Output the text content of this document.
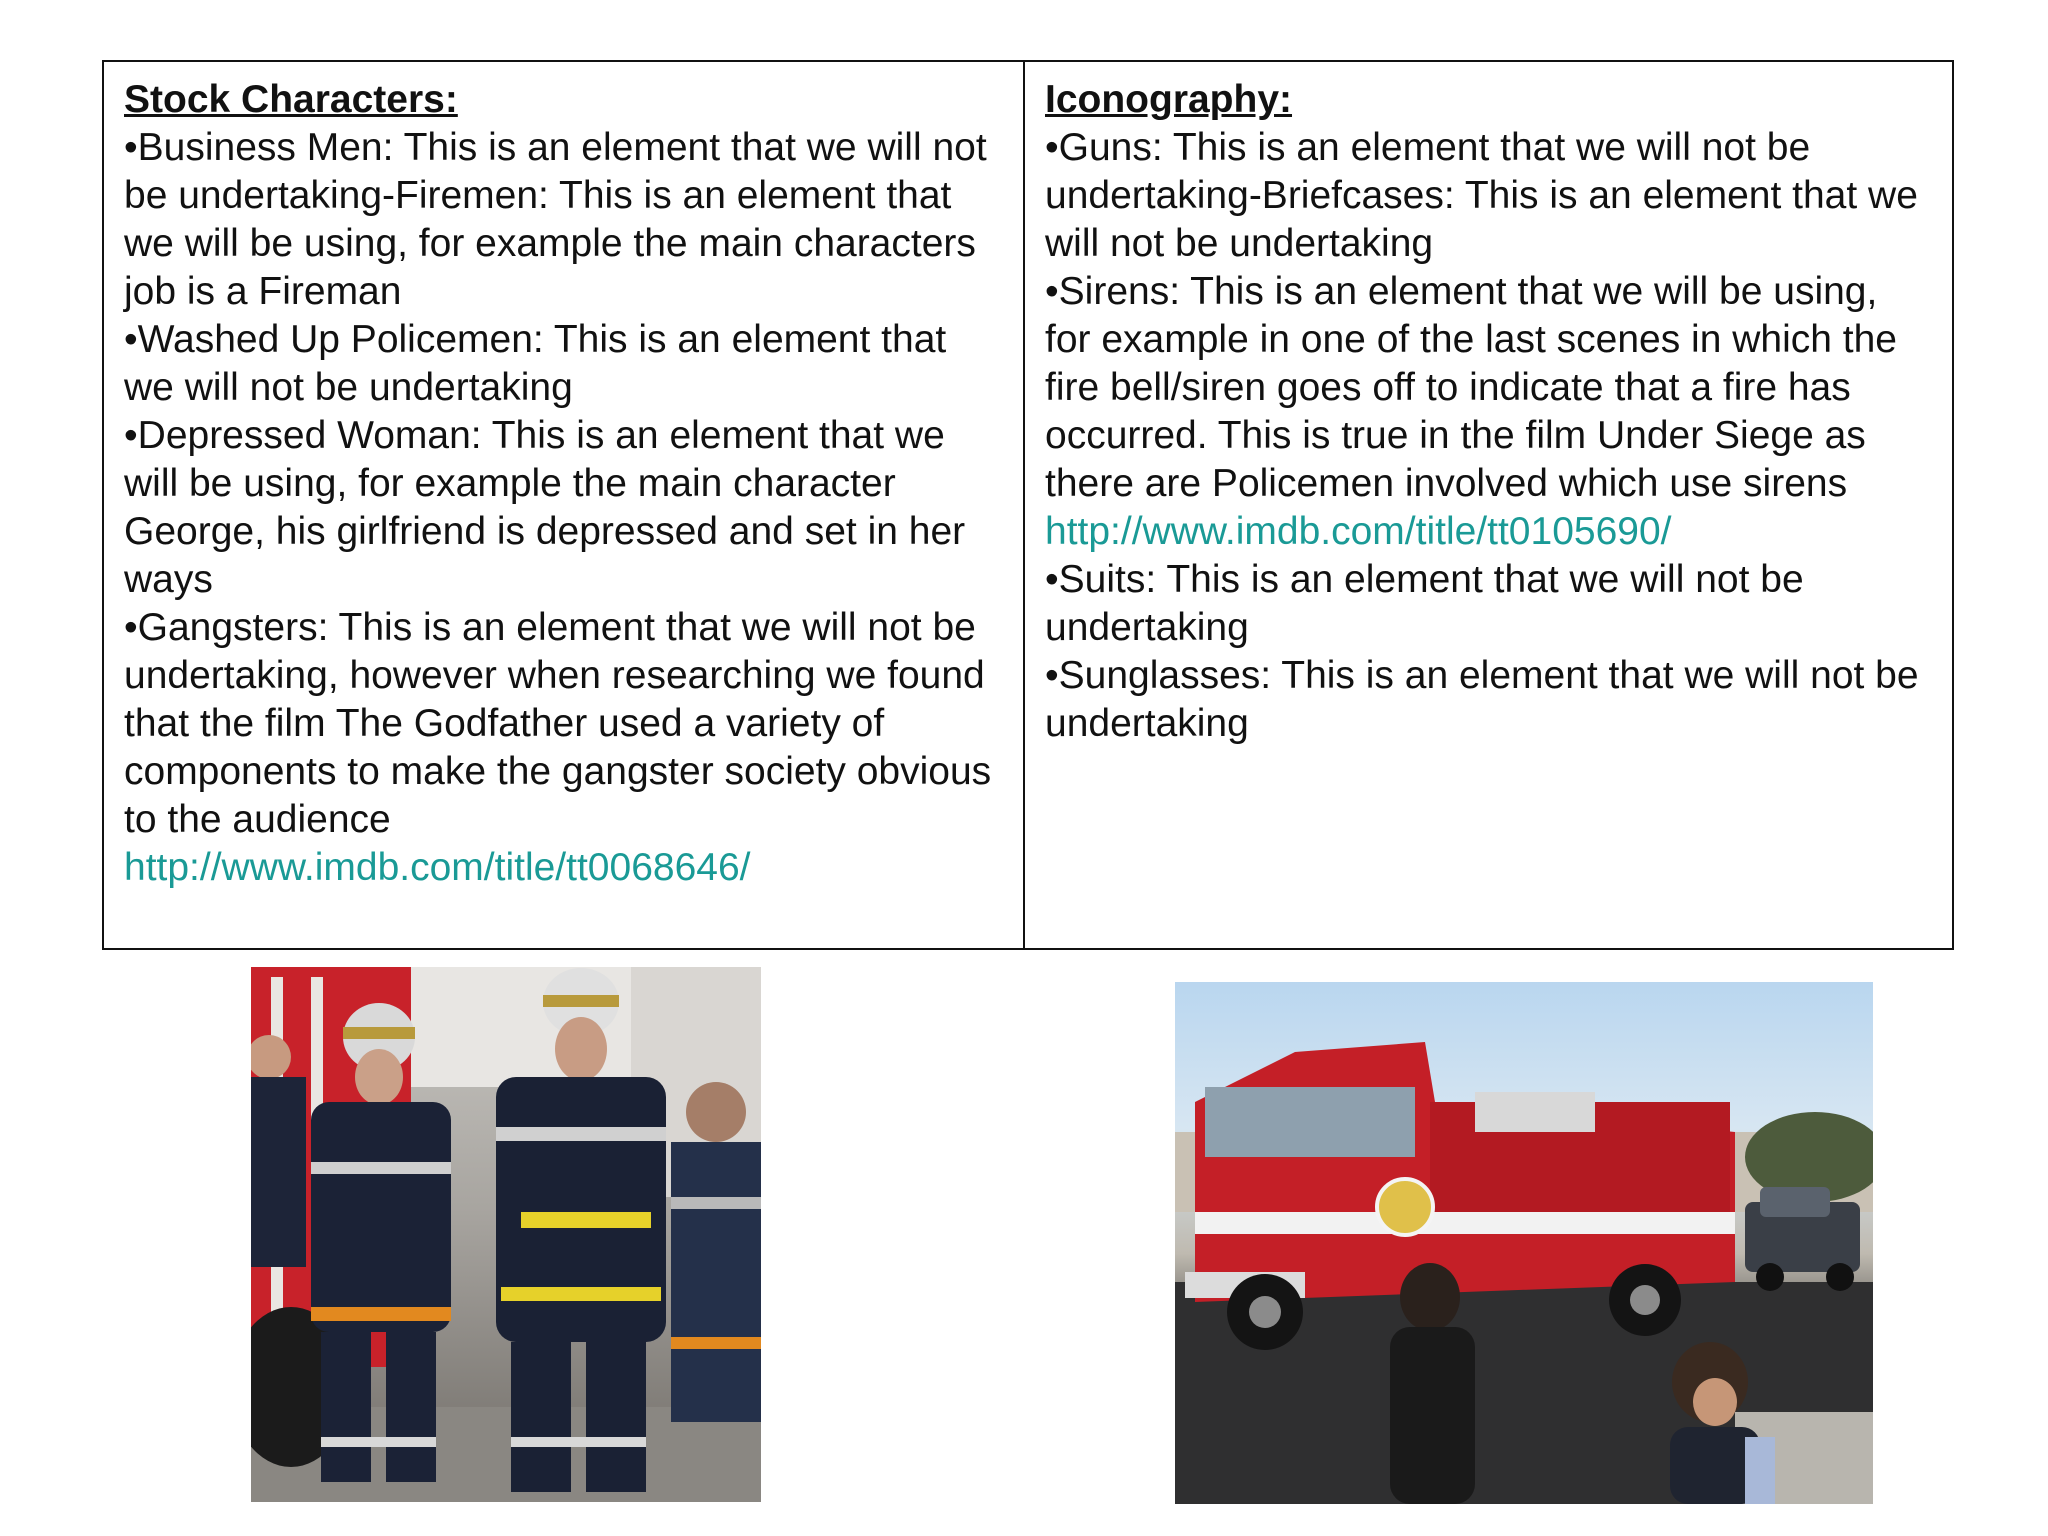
Stock Characters:
•Business Men: This is an element that we will not be undertaking-Firemen: This is an element that we will be using, for example the main characters job is a Fireman
•Washed Up Policemen: This is an element that we will not be undertaking
•Depressed Woman: This is an element that we will be using, for example the main character George, his girlfriend is depressed and set in her ways
•Gangsters: This is an element that we will not be undertaking, however when researching we found that the film The Godfather used a variety of components to make the gangster society obvious to the audience
http://www.imdb.com/title/tt0068646/
Iconography:
•Guns: This is an element that we will not be undertaking-Briefcases: This is an element that we will not be undertaking
•Sirens: This is an element that we will be using, for example in one of the last scenes in which the fire bell/siren goes off to indicate that a fire has occurred. This is true in the film Under Siege as there are Policemen involved which use sirens
http://www.imdb.com/title/tt0105690/
•Suits: This is an element that we will not be undertaking
•Sunglasses: This is an element that we will not be undertaking
